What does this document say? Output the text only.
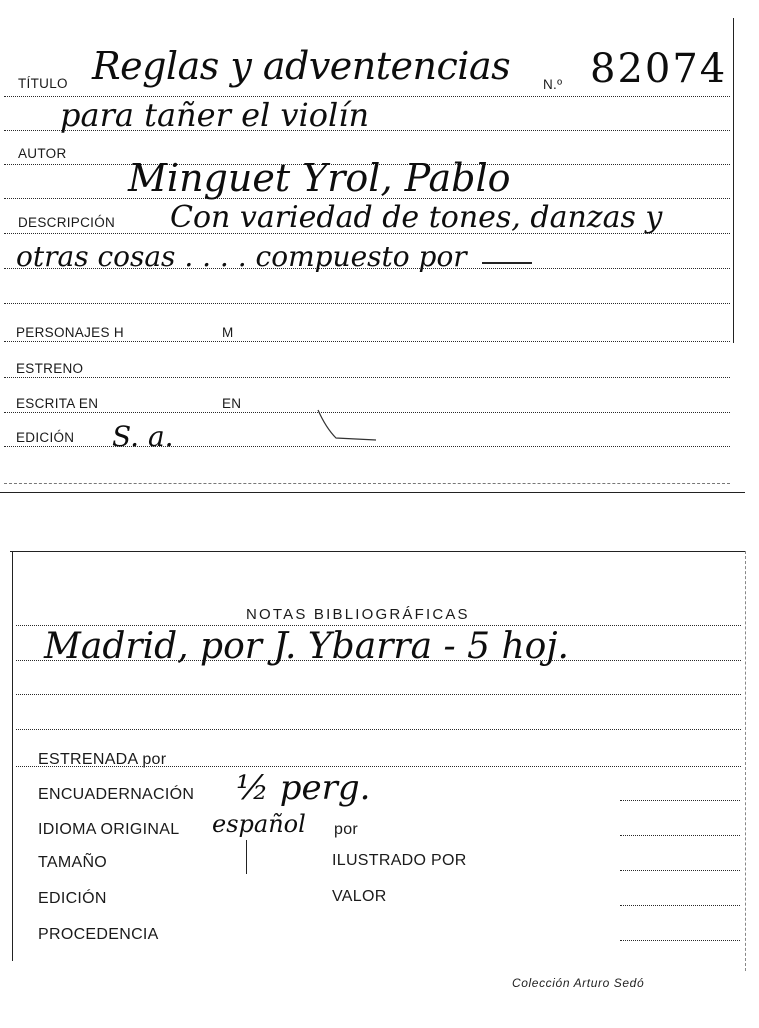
TÍTULO Reglas y adventencias N.º 82074
para tañer el violín
AUTOR
Minguet Yrol, Pablo
DESCRIPCIÓN Con variedad de tones, danzas y
otras cosas . . . . compuesto por
PERSONAJES H	M
ESTRENO
ESCRITA EN	EN
EDICIÓN S. a.
NOTAS BIBLIOGRÁFICAS
Madrid, por J. Ybarra - 5 hoj.
ESTRENADA por
ENCUADERNACIÓN ½ perg.
IDIOMA ORIGINAL español por
TAMAÑO	ILUSTRADO POR
EDICIÓN	VALOR
PROCEDENCIA
Colección Arturo Sedó
